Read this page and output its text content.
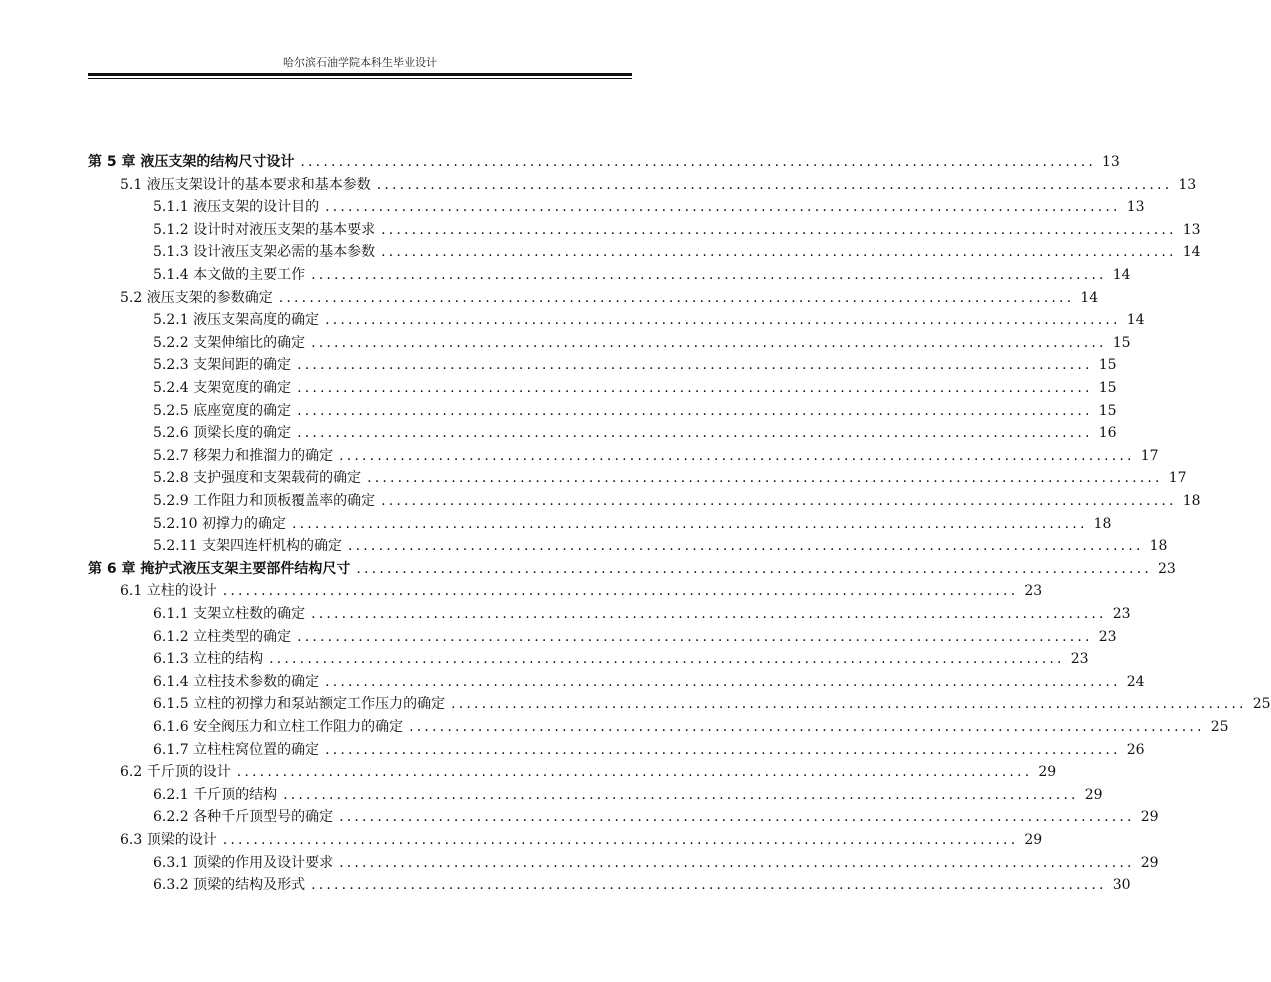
哈尔滨石油学院本科生毕业设计
第 5 章 液压支架的结构尺寸设计 ........................................................................................................ 13
5.1 液压支架设计的基本要求和基本参数 ........................................................................................................ 13
5.1.1 液压支架的设计目的 ........................................................................................................ 13
5.1.2 设计时对液压支架的基本要求 ........................................................................................................ 13
5.1.3 设计液压支架必需的基本参数 ........................................................................................................ 14
5.1.4 本文做的主要工作 ........................................................................................................ 14
5.2 液压支架的参数确定 ........................................................................................................ 14
5.2.1 液压支架高度的确定 ........................................................................................................ 14
5.2.2 支架伸缩比的确定 ........................................................................................................ 15
5.2.3 支架间距的确定 ........................................................................................................ 15
5.2.4 支架宽度的确定 ........................................................................................................ 15
5.2.5 底座宽度的确定 ........................................................................................................ 15
5.2.6 顶梁长度的确定 ........................................................................................................ 16
5.2.7 移架力和推溜力的确定 ........................................................................................................ 17
5.2.8 支护强度和支架载荷的确定 ........................................................................................................ 17
5.2.9 工作阻力和顶板覆盖率的确定 ........................................................................................................ 18
5.2.10 初撑力的确定 ........................................................................................................ 18
5.2.11 支架四连杆机构的确定 ........................................................................................................ 18
第 6 章 掩护式液压支架主要部件结构尺寸 ........................................................................................................ 23
6.1 立柱的设计 ........................................................................................................ 23
6.1.1 支架立柱数的确定 ........................................................................................................ 23
6.1.2 立柱类型的确定 ........................................................................................................ 23
6.1.3 立柱的结构 ........................................................................................................ 23
6.1.4 立柱技术参数的确定 ........................................................................................................ 24
6.1.5 立柱的初撑力和泵站额定工作压力的确定 ........................................................................................................ 25
6.1.6 安全阀压力和立柱工作阻力的确定 ........................................................................................................ 25
6.1.7 立柱柱窝位置的确定 ........................................................................................................ 26
6.2 千斤顶的设计 ........................................................................................................ 29
6.2.1 千斤顶的结构 ........................................................................................................ 29
6.2.2 各种千斤顶型号的确定 ........................................................................................................ 29
6.3 顶梁的设计 ........................................................................................................ 29
6.3.1 顶梁的作用及设计要求 ........................................................................................................ 29
6.3.2 顶梁的结构及形式 ........................................................................................................ 30
